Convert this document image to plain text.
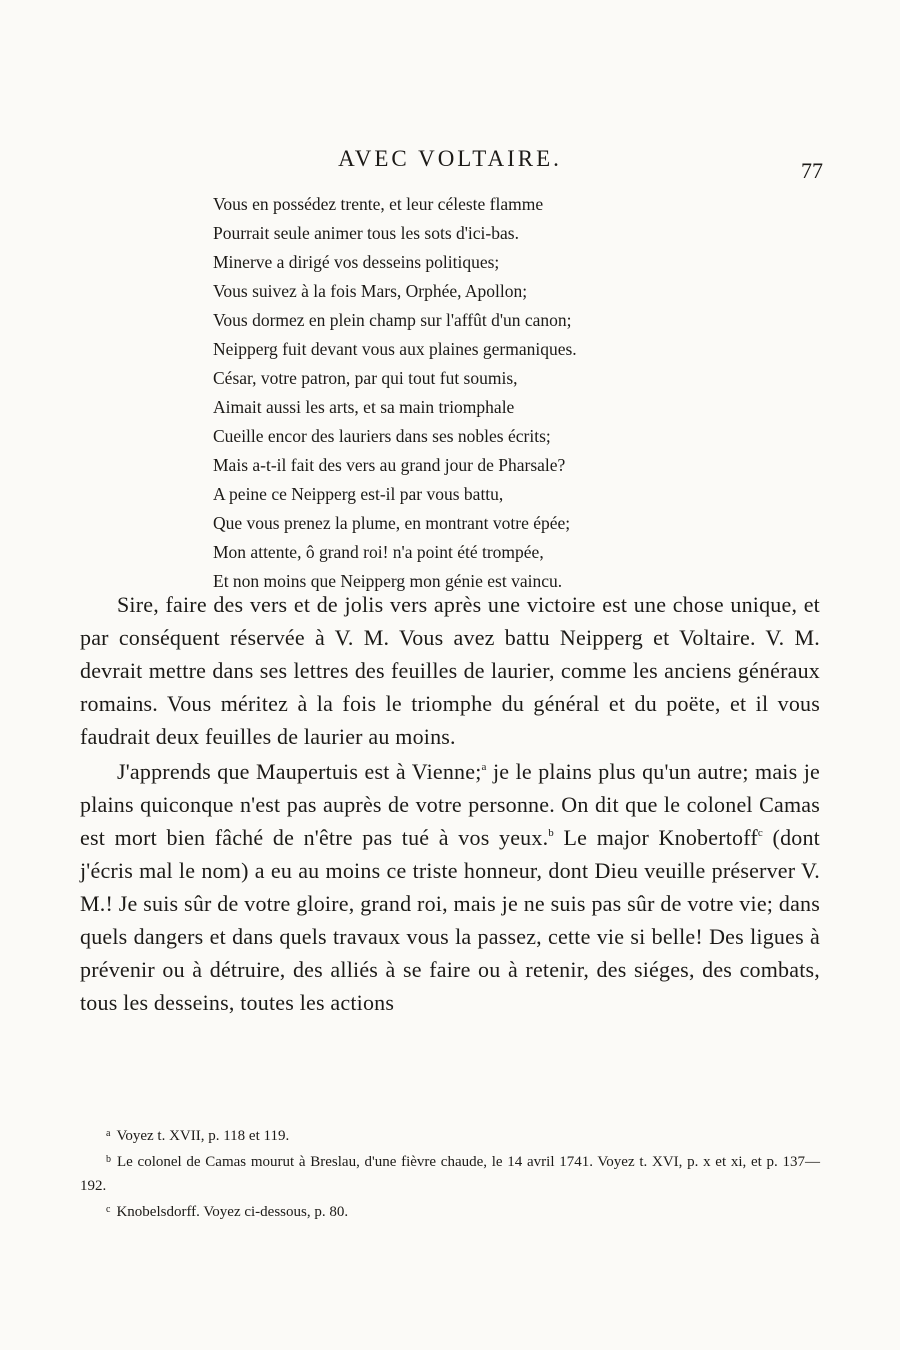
AVEC VOLTAIRE.	77
Vous en possédez trente, et leur céleste flamme
Pourrait seule animer tous les sots d'ici-bas.
Minerve a dirigé vos desseins politiques;
Vous suivez à la fois Mars, Orphée, Apollon;
Vous dormez en plein champ sur l'affût d'un canon;
Neipperg fuit devant vous aux plaines germaniques.
César, votre patron, par qui tout fut soumis,
Aimait aussi les arts, et sa main triomphale
Cueille encor des lauriers dans ses nobles écrits;
Mais a-t-il fait des vers au grand jour de Pharsale?
A peine ce Neipperg est-il par vous battu,
Que vous prenez la plume, en montrant votre épée;
Mon attente, ô grand roi! n'a point été trompée,
Et non moins que Neipperg mon génie est vaincu.

Sire, faire des vers et de jolis vers après une victoire est une chose unique, et par conséquent réservée à V. M. Vous avez battu Neipperg et Voltaire. V. M. devrait mettre dans ses lettres des feuilles de laurier, comme les anciens généraux romains. Vous méritez à la fois le triomphe du général et du poëte, et il vous faudrait deux feuilles de laurier au moins.

J'apprends que Maupertuis est à Vienne;$^a$ je le plains plus qu'un autre; mais je plains quiconque n'est pas auprès de votre personne. On dit que le colonel Camas est mort bien fâché de n'être pas tué à vos yeux.$^b$ Le major Knobertoff$^c$ (dont j'écris mal le nom) a eu au moins ce triste honneur, dont Dieu veuille préserver V. M.! Je suis sûr de votre gloire, grand roi, mais je ne suis pas sûr de votre vie; dans quels dangers et dans quels travaux vous la passez, cette vie si belle! Des ligues à prévenir ou à détruire, des alliés à se faire ou à retenir, des siéges, des combats, tous les desseins, toutes les actions

$^a$ Voyez t. XVII, p. 118 et 119.

$^b$ Le colonel de Camas mourut à Breslau, d'une fièvre chaude, le 14 avril 1741. Voyez t. XVI, p. x et xi, et p. 137—192.

$^c$ Knobelsdorff. Voyez ci-dessous, p. 80.
